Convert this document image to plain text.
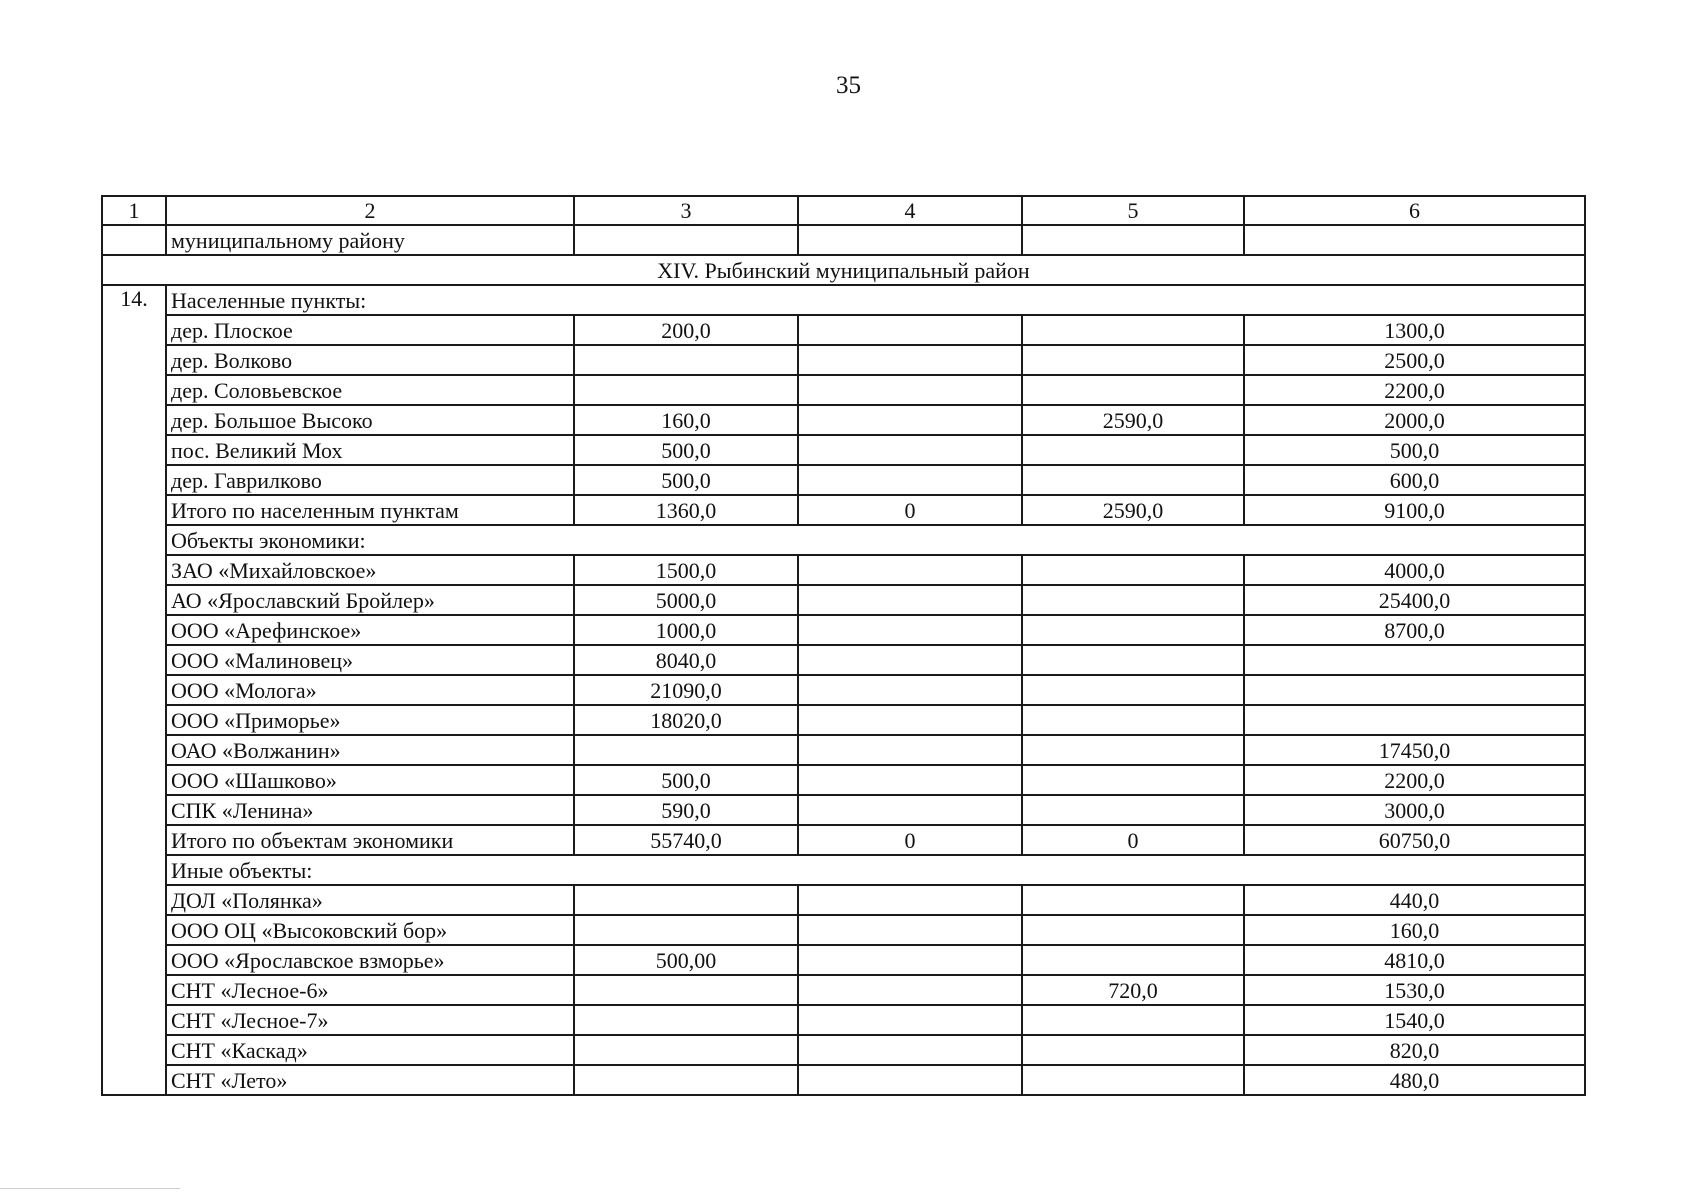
35
1	2	3	4	5	6
	муниципальному району				
XIV. Рыбинский муниципальный район					
14.	Населенные пункты:				
	дер. Плоское	200,0			1300,0
	дер. Волково				2500,0
	дер. Соловьевское				2200,0
	дер. Большое Высоко	160,0		2590,0	2000,0
	пос. Великий Мох	500,0			500,0
	дер. Гаврилково	500,0			600,0
	Итого по населенным пунктам	1360,0	0	2590,0	9100,0
	Объекты экономики:				
	ЗАО «Михайловское»	1500,0			4000,0
	АО «Ярославский Бройлер»	5000,0			25400,0
	ООО «Арефинское»	1000,0			8700,0
	ООО «Малиновец»	8040,0			
	ООО «Молога»	21090,0			
	ООО «Приморье»	18020,0			
	ОАО «Волжанин»				17450,0
	ООО «Шашково»	500,0			2200,0
	СПК «Ленина»	590,0			3000,0
	Итого по объектам экономики	55740,0	0	0	60750,0
	Иные объекты:				
	ДОЛ «Полянка»				440,0
	ООО ОЦ «Высоковский бор»				160,0
	ООО «Ярославское взморье»	500,00			4810,0
	СНТ «Лесное-6»			720,0	1530,0
	СНТ «Лесное-7»				1540,0
	СНТ «Каскад»				820,0
	СНТ «Лето»				480,0
